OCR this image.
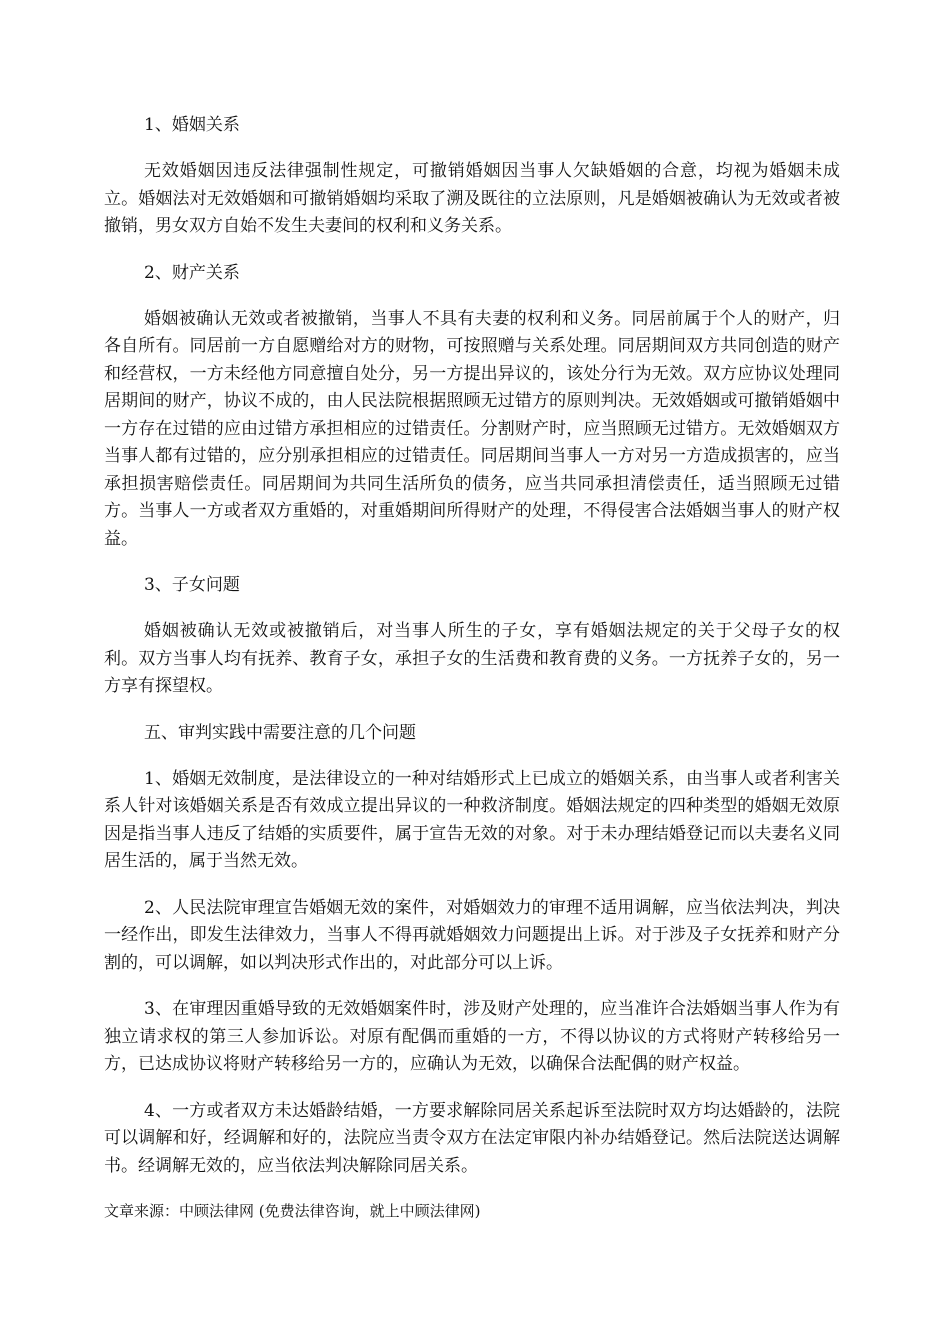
1、婚姻关系

无效婚姻因违反法律强制性规定，可撤销婚姻因当事人欠缺婚姻的合意，均视为婚姻未成立。婚姻法对无效婚姻和可撤销婚姻均采取了溯及既往的立法原则，凡是婚姻被确认为无效或者被撤销，男女双方自始不发生夫妻间的权利和义务关系。

2、财产关系

婚姻被确认无效或者被撤销，当事人不具有夫妻的权利和义务。同居前属于个人的财产，归各自所有。同居前一方自愿赠给对方的财物，可按照赠与关系处理。同居期间双方共同创造的财产和经营权，一方未经他方同意擅自处分，另一方提出异议的，该处分行为无效。双方应协议处理同居期间的财产，协议不成的，由人民法院根据照顾无过错方的原则判决。无效婚姻或可撤销婚姻中一方存在过错的应由过错方承担相应的过错责任。分割财产时，应当照顾无过错方。无效婚姻双方当事人都有过错的，应分别承担相应的过错责任。同居期间当事人一方对另一方造成损害的，应当承担损害赔偿责任。同居期间为共同生活所负的债务，应当共同承担清偿责任，适当照顾无过错方。当事人一方或者双方重婚的，对重婚期间所得财产的处理，不得侵害合法婚姻当事人的财产权益。

3、子女问题

婚姻被确认无效或被撤销后，对当事人所生的子女，享有婚姻法规定的关于父母子女的权利。双方当事人均有抚养、教育子女，承担子女的生活费和教育费的义务。一方抚养子女的，另一方享有探望权。

五、审判实践中需要注意的几个问题

1、婚姻无效制度，是法律设立的一种对结婚形式上已成立的婚姻关系，由当事人或者利害关系人针对该婚姻关系是否有效成立提出异议的一种救济制度。婚姻法规定的四种类型的婚姻无效原因是指当事人违反了结婚的实质要件，属于宣告无效的对象。对于未办理结婚登记而以夫妻名义同居生活的，属于当然无效。

2、人民法院审理宣告婚姻无效的案件，对婚姻效力的审理不适用调解，应当依法判决，判决一经作出，即发生法律效力，当事人不得再就婚姻效力问题提出上诉。对于涉及子女抚养和财产分割的，可以调解，如以判决形式作出的，对此部分可以上诉。

3、在审理因重婚导致的无效婚姻案件时，涉及财产处理的，应当准许合法婚姻当事人作为有独立请求权的第三人参加诉讼。对原有配偶而重婚的一方，不得以协议的方式将财产转移给另一方，已达成协议将财产转移给另一方的，应确认为无效，以确保合法配偶的财产权益。

4、一方或者双方未达婚龄结婚，一方要求解除同居关系起诉至法院时双方均达婚龄的，法院可以调解和好，经调解和好的，法院应当责令双方在法定审限内补办结婚登记。然后法院送达调解书。经调解无效的，应当依法判决解除同居关系。

文章来源：中顾法律网 (免费法律咨询，就上中顾法律网)
